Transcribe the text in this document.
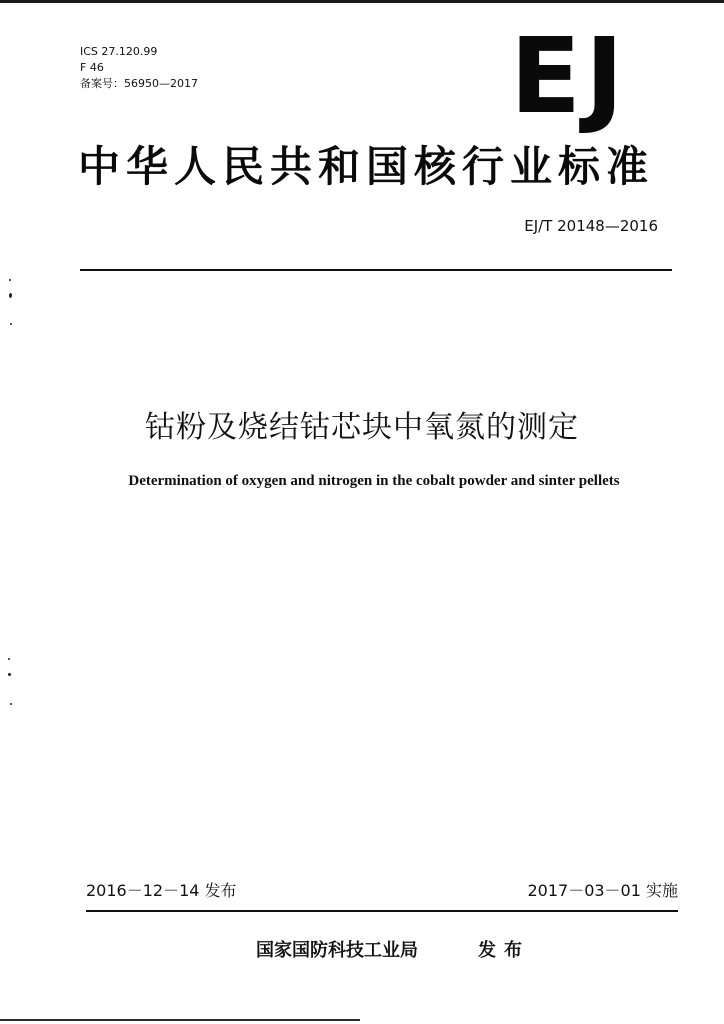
ICS 27.120.99
F 46
备案号：56950—2017	EJ
中华人民共和国核行业标准
EJ/T 20148—2016
钴粉及烧结钴芯块中氧氮的测定
Determination of oxygen and nitrogen in the cobalt powder and sinter pellets
2016－12－14 发布	2017－03－01 实施
国家国防科技工业局	发布
